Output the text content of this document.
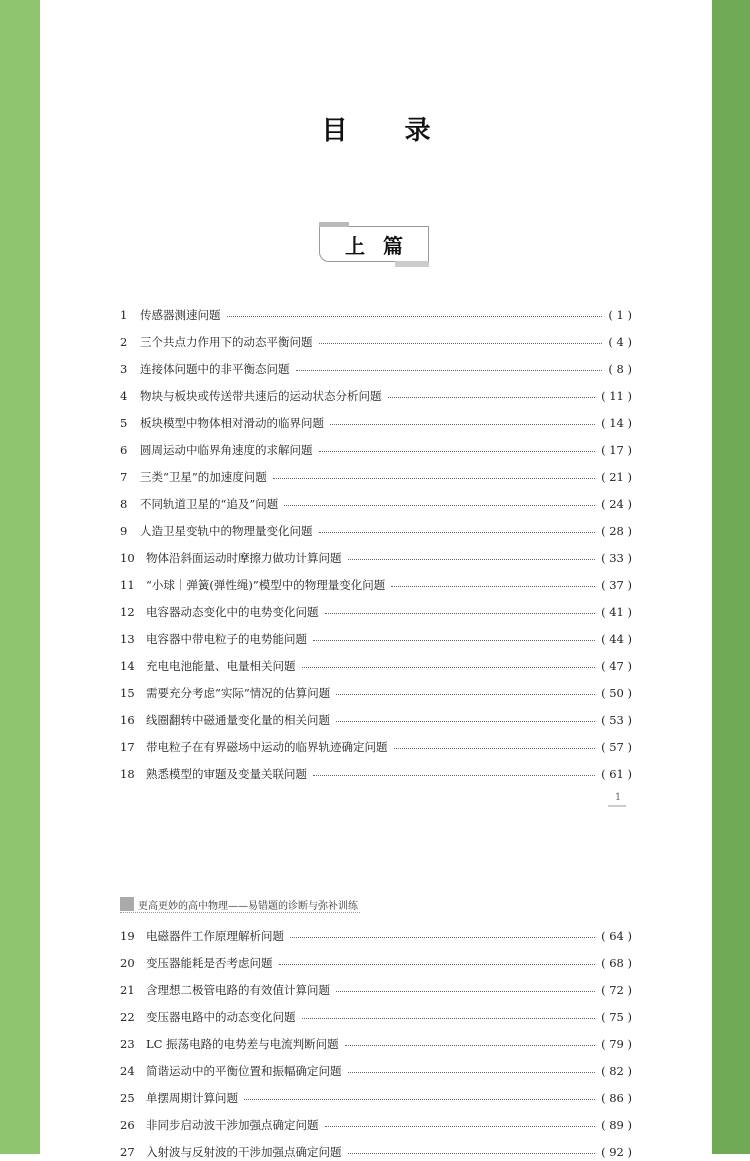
目 录
上篇
1	传感器测速问题	( 1 )
2	三个共点力作用下的动态平衡问题	( 4 )
3	连接体问题中的非平衡态问题	( 8 )
4	物块与板块或传送带共速后的运动状态分析问题	( 11 )
5	板块模型中物体相对滑动的临界问题	( 14 )
6	圆周运动中临界角速度的求解问题	( 17 )
7	三类“卫星”的加速度问题	( 21 )
8	不同轨道卫星的“追及”问题	( 24 )
9	人造卫星变轨中的物理量变化问题	( 28 )
10 物体沿斜面运动时摩擦力做功计算问题	( 33 )
11 “小球｜弹簧(弹性绳)”模型中的物理量变化问题	( 37 )
12 电容器动态变化中的电势变化问题	( 41 )
13 电容器中带电粒子的电势能问题	( 44 )
14 充电电池能量、电量相关问题	( 47 )
15 需要充分考虑“实际”情况的估算问题	( 50 )
16 线圈翻转中磁通量变化量的相关问题	( 53 )
17 带电粒子在有界磁场中运动的临界轨迹确定问题	( 57 )
18 熟悉模型的审题及变量关联问题	( 61 )
19 电磁器件工作原理解析问题	( 64 )
20 变压器能耗是否考虑问题	( 68 )
21 含理想二极管电路的有效值计算问题	( 72 )
22 变压器电路中的动态变化问题	( 75 )
23 LC 振荡电路的电势差与电流判断问题	( 79 )
24 简谐运动中的平衡位置和振幅确定问题	( 82 )
25 单摆周期计算问题	( 86 )
26 非同步启动波干涉加强点确定问题	( 89 )
27 入射波与反射波的干涉加强点确定问题	( 92 )
1
更高更妙的高中物理——易错题的诊断与弥补训练
